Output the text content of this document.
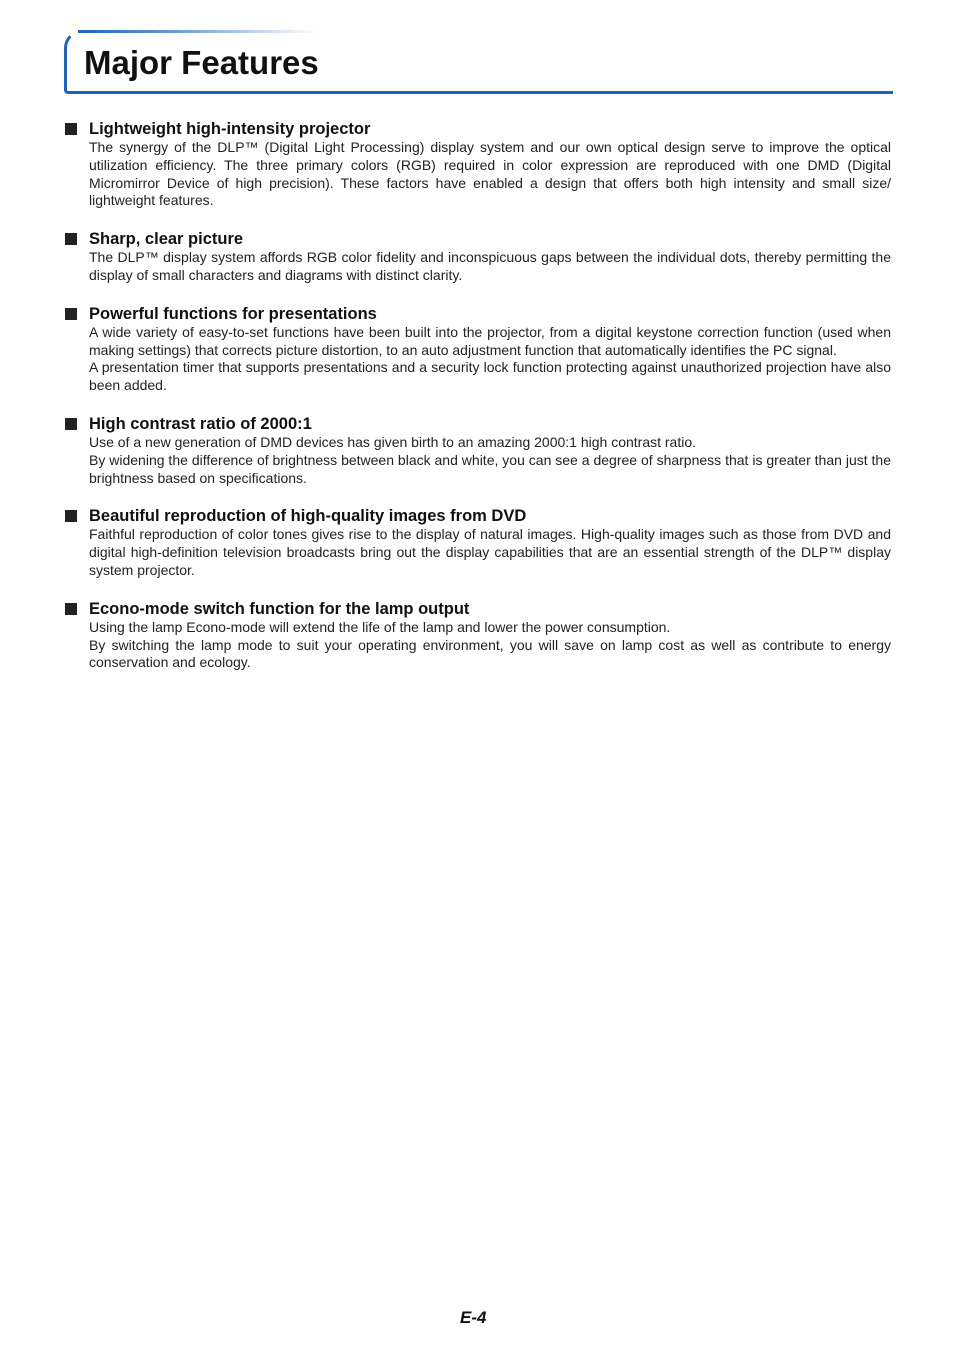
Major Features
Lightweight high-intensity projector

The synergy of the DLP™ (Digital Light Processing) display system and our own optical design serve to improve the optical utilization efficiency. The three primary colors (RGB) required in color expression are reproduced with one DMD (Digital Micromirror Device of high precision). These factors have enabled a design that offers both high intensity and small size/ lightweight features.

Sharp, clear picture

The DLP™ display system affords RGB color fidelity and inconspicuous gaps between the individual dots, thereby permitting the display of small characters and diagrams with distinct clarity.

Powerful functions for presentations

A wide variety of easy-to-set functions have been built into the projector, from a digital keystone correction function (used when making settings) that corrects picture distortion, to an auto adjustment function that automatically identifies the PC signal.

A presentation timer that supports presentations and a security lock function protecting against unauthorized projection have also been added.

High contrast ratio of 2000:1

Use of a new generation of DMD devices has given birth to an amazing 2000:1 high contrast ratio.

By widening the difference of brightness between black and white, you can see a degree of sharpness that is greater than just the brightness based on specifications.

Beautiful reproduction of high-quality images from DVD

Faithful reproduction of color tones gives rise to the display of natural images. High-quality images such as those from DVD and digital high-definition television broadcasts bring out the display capabilities that are an essential strength of the DLP™ display system projector.

Econo-mode switch function for the lamp output

Using the lamp Econo-mode will extend the life of the lamp and lower the power consumption.

By switching the lamp mode to suit your operating environment, you will save on lamp cost as well as contribute to energy conservation and ecology.

E-4
